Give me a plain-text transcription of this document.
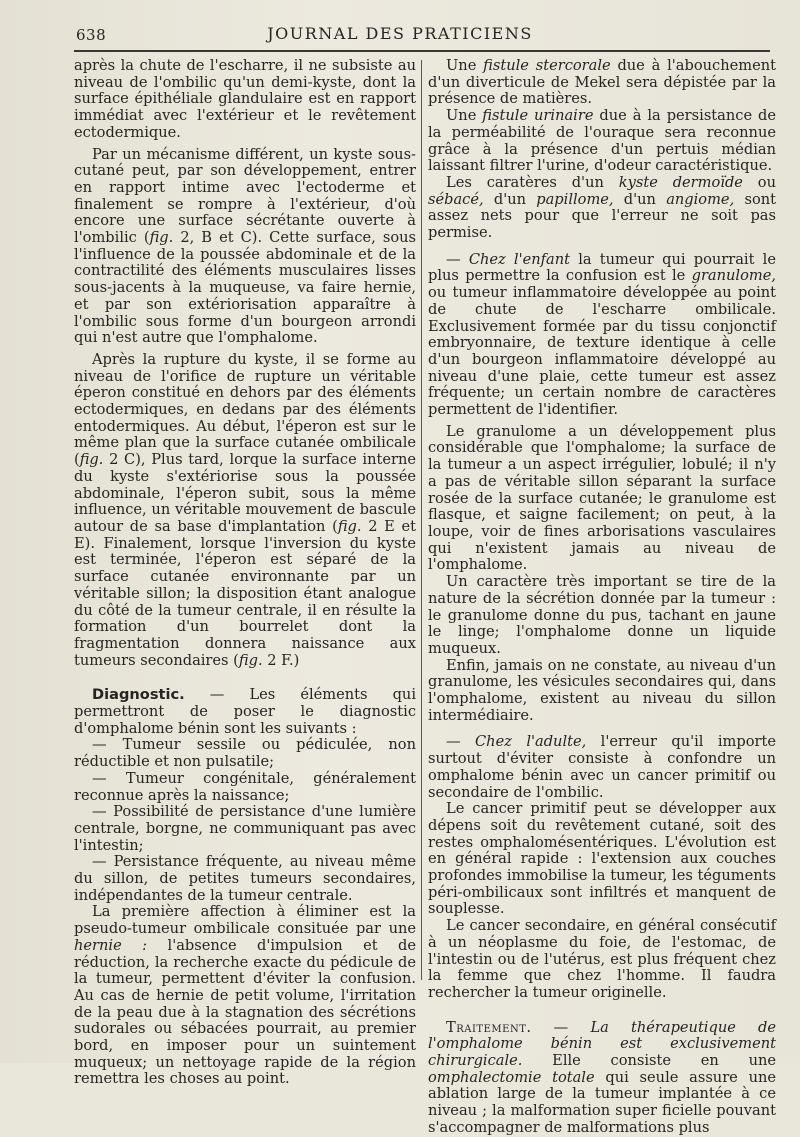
638	JOURNAL DES PRATICIENS

après la chute de l'escharre, il ne subsiste au niveau de l'ombilic qu'un demi-kyste, dont la surface épithéliale glandulaire est en rapport immédiat avec l'extérieur et le revêtement ectodermique.

Par un mécanisme différent, un kyste sous-cutané peut, par son développement, entrer en rapport intime avec l'ectoderme et finalement se rompre à l'extérieur, d'où encore une surface sécrétante ouverte à l'ombilic (fig. 2, B et C). Cette surface, sous l'influence de la poussée abdominale et de la contractilité des éléments musculaires lisses sous-jacents à la muqueuse, va faire hernie, et par son extériorisation apparaître à l'ombilic sous forme d'un bourgeon arrondi qui n'est autre que l'omphalome.

Après la rupture du kyste, il se forme au niveau de l'orifice de rupture un véritable éperon constitué en dehors par des éléments ectodermiques, en dedans par des éléments entodermiques. Au début, l'éperon est sur le même plan que la surface cutanée ombilicale (fig. 2 C), Plus tard, lorque la surface interne du kyste s'extériorise sous la poussée abdominale, l'éperon subit, sous la même influence, un véritable mouvement de bascule autour de sa base d'implantation (fig. 2 E et E). Finalement, lorsque l'inversion du kyste est terminée, l'éperon est séparé de la surface cutanée environnante par un véritable sillon; la disposition étant analogue du côté de la tumeur centrale, il en résulte la formation d'un bourrelet dont la fragmentation donnera naissance aux tumeurs secondaires (fig. 2 F.)

Diagnostic. — Les éléments qui permettront de poser le diagnostic d'omphalome bénin sont les suivants :

— Tumeur sessile ou pédiculée, non réductible et non pulsatile;

— Tumeur congénitale, généralement reconnue après la naissance;

— Possibilité de persistance d'une lumière centrale, borgne, ne communiquant pas avec l'intestin;

— Persistance fréquente, au niveau même du sillon, de petites tumeurs secondaires, indépendantes de la tumeur centrale.

La première affection à éliminer est la pseudo-tumeur ombilicale consituée par une hernie : l'absence d'impulsion et de réduction, la recherche exacte du pédicule de la tumeur, permettent d'éviter la confusion. Au cas de hernie de petit volume, l'irritation de la peau due à la stagnation des sécrétions sudorales ou sébacées pourrait, au premier bord, en imposer pour un suintement muqueux; un nettoyage rapide de la région remettra les choses au point.

Une fistule stercorale due à l'abouchement d'un diverticule de Mekel sera dépistée par la présence de matières.

Une fistule urinaire due à la persistance de la perméabilité de l'ouraque sera reconnue grâce à la présence d'un pertuis médian laissant filtrer l'urine, d'odeur caractéristique.

Les caratères d'un kyste dermoïde ou sébacé, d'un papillome, d'un angiome, sont assez nets pour que l'erreur ne soit pas permise.

— Chez l'enfant la tumeur qui pourrait le plus permettre la confusion est le granulome, ou tumeur inflammatoire développée au point de chute de l'escharre ombilicale. Exclusivement formée par du tissu conjonctif embryonnaire, de texture identique à celle d'un bourgeon inflammatoire développé au niveau d'une plaie, cette tumeur est assez fréquente; un certain nombre de caractères permettent de l'identifier.

Le granulome a un développement plus considérable que l'omphalome; la surface de la tumeur a un aspect irrégulier, lobulé; il n'y a pas de véritable sillon séparant la surface rosée de la surface cutanée; le granulome est flasque, et saigne facilement; on peut, à la loupe, voir de fines arborisations vasculaires qui n'existent jamais au niveau de l'omphalome.

Un caractère très important se tire de la nature de la sécrétion donnée par la tumeur : le granulome donne du pus, tachant en jaune le linge; l'omphalome donne un liquide muqueux.

Enfin, jamais on ne constate, au niveau d'un granulome, les vésicules secondaires qui, dans l'omphalome, existent au niveau du sillon intermédiaire.

— Chez l'adulte, l'erreur qu'il importe surtout d'éviter consiste à confondre un omphalome bénin avec un cancer primitif ou secondaire de l'ombilic.

Le cancer primitif peut se développer aux dépens soit du revêtement cutané, soit des restes omphalomésentériques. L'évolution est en général rapide : l'extension aux couches profondes immobilise la tumeur, les téguments péri-ombilicaux sont infiltrés et manquent de souplesse.

Le cancer secondaire, en général consécutif à un néoplasme du foie, de l'estomac, de l'intestin ou de l'utérus, est plus fréquent chez la femme que chez l'homme. Il faudra rechercher la tumeur originelle.

Traitement. — La thérapeutique de l'omphalome bénin est exclusivement chirurgicale. Elle consiste en une omphalectomie totale qui seule assure une ablation large de la tumeur implantée à ce niveau ; la malformation super ficielle pouvant s'accompagner de malformations plus
